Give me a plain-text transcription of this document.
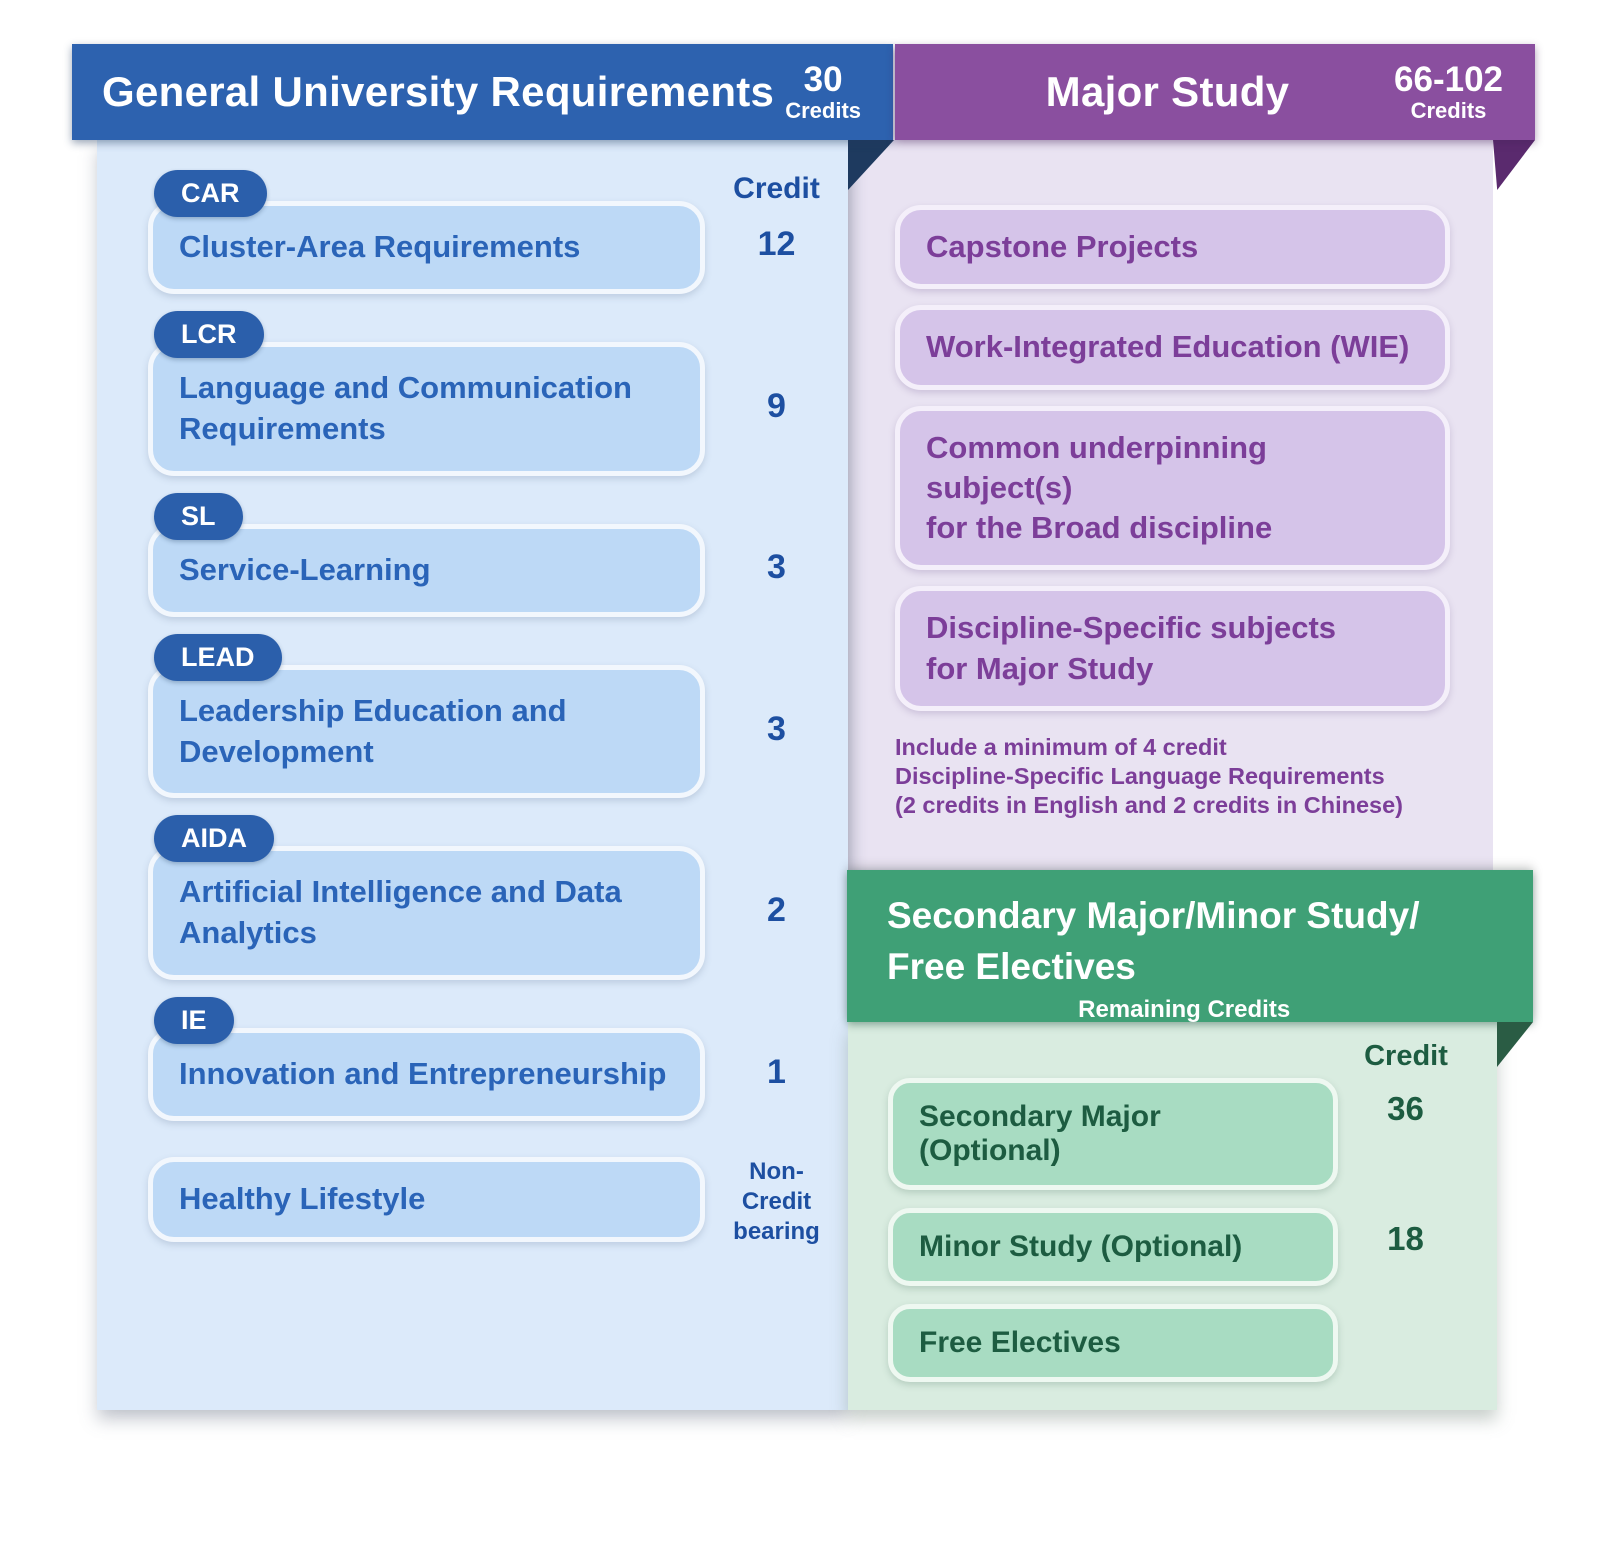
General University Requirements 30
Credits	Major Study	66-102
Credits
Capstone Projects
Work-Integrated Education (WIE)
Common underpinning subject(s)
for the Broad discipline
Discipline-Specific subjects
for Major Study
Include a minimum of 4 credit
Discipline-Specific Language Requirements
(2 credits in English and 2 credits in Chinese)
Credit
CAR
Cluster-Area Requirements	12
LCR
Language and Communication
Requirements
9
SL
Service-Learning	3
LEAD
Leadership Education and
Development
3
AIDA
Artificial Intelligence and Data
Analytics
2
IE
Innovation and Entrepreneurship	1
Healthy Lifestyle
Non-Credit bearing
Secondary Major/Minor Study/
Free Electives
Remaining Credits
Credit
Secondary Major (Optional)
36
Minor Study (Optional)	18
Free Electives
